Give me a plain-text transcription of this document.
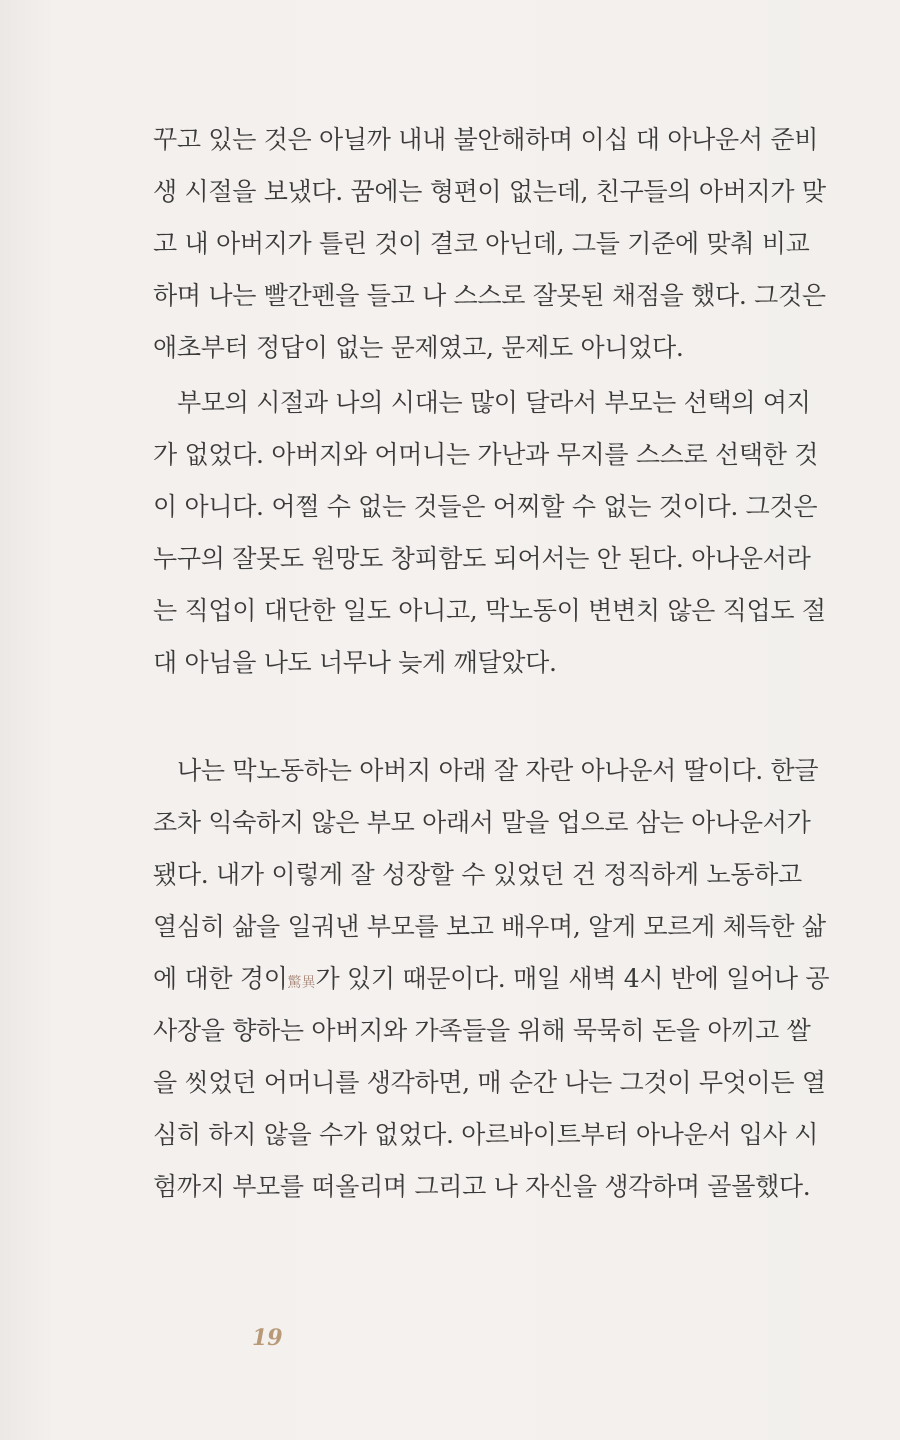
꾸고 있는 것은 아닐까 내내 불안해하며 이십 대 아나운서 준비
생 시절을 보냈다. 꿈에는 형편이 없는데, 친구들의 아버지가 맞
고 내 아버지가 틀린 것이 결코 아닌데, 그들 기준에 맞춰 비교
하며 나는 빨간펜을 들고 나 스스로 잘못된 채점을 했다. 그것은
애초부터 정답이 없는 문제였고, 문제도 아니었다.
부모의 시절과 나의 시대는 많이 달라서 부모는 선택의 여지
가 없었다. 아버지와 어머니는 가난과 무지를 스스로 선택한 것
이 아니다. 어쩔 수 없는 것들은 어찌할 수 없는 것이다. 그것은
누구의 잘못도 원망도 창피함도 되어서는 안 된다. 아나운서라
는 직업이 대단한 일도 아니고, 막노동이 변변치 않은 직업도 절
대 아님을 나도 너무나 늦게 깨달았다.
나는 막노동하는 아버지 아래 잘 자란 아나운서 딸이다. 한글
조차 익숙하지 않은 부모 아래서 말을 업으로 삼는 아나운서가
됐다. 내가 이렇게 잘 성장할 수 있었던 건 정직하게 노동하고
열심히 삶을 일궈낸 부모를 보고 배우며, 알게 모르게 체득한 삶
에 대한 경이驚異가 있기 때문이다. 매일 새벽 4시 반에 일어나 공
사장을 향하는 아버지와 가족들을 위해 묵묵히 돈을 아끼고 쌀
을 씻었던 어머니를 생각하면, 매 순간 나는 그것이 무엇이든 열
심히 하지 않을 수가 없었다. 아르바이트부터 아나운서 입사 시
험까지 부모를 떠올리며 그리고 나 자신을 생각하며 골몰했다.
19
